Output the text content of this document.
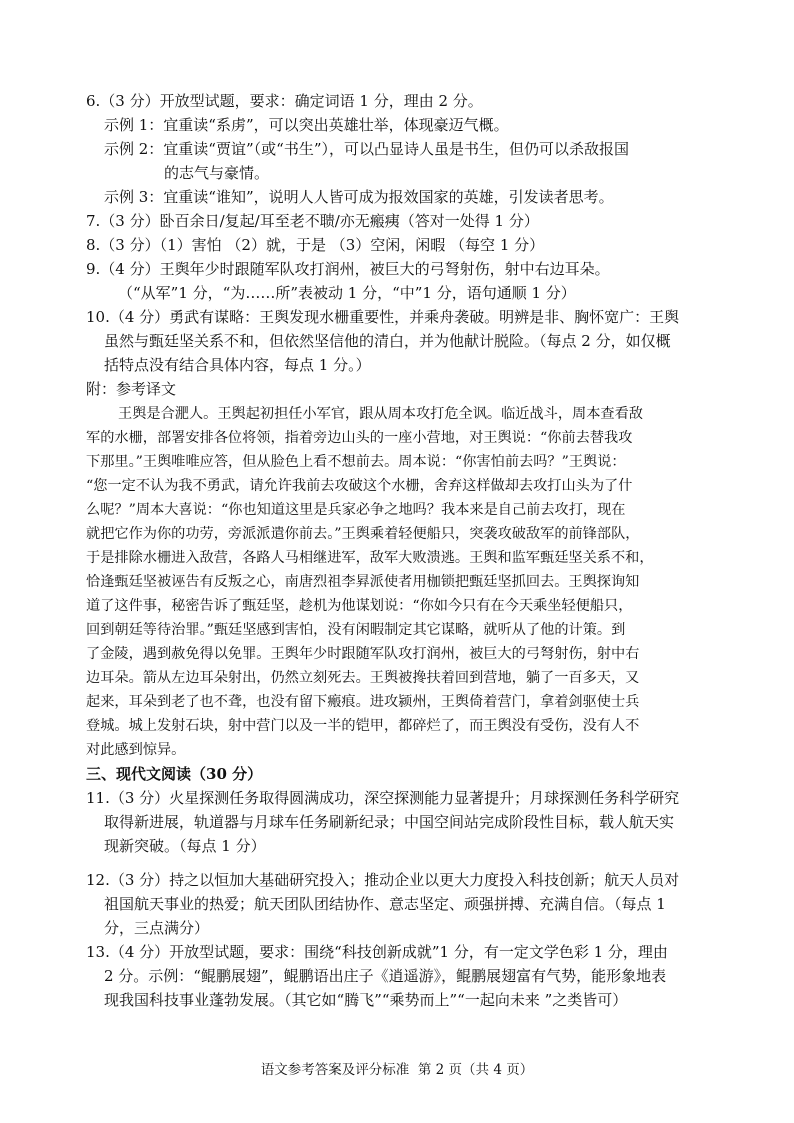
6.（3 分）开放型试题，要求：确定词语 1 分，理由 2 分。
示例 1：宜重读“系虏”，可以突出英雄壮举，体现豪迈气概。
示例 2：宜重读“贾谊”（或“书生”），可以凸显诗人虽是书生，但仍可以杀敌报国
的志气与豪情。
示例 3：宜重读“谁知”，说明人人皆可成为报效国家的英雄，引发读者思考。
7.（3 分）卧百余日/复起/耳至老不聩/亦无瘢痍（答对一处得 1 分）
8.（3 分）（1）害怕 （2）就，于是 （3）空闲，闲暇 （每空 1 分）
9.（4 分）王舆年少时跟随军队攻打润州，被巨大的弓弩射伤，射中右边耳朵。
（“从军”1 分，“为……所”表被动 1 分，“中”1 分，语句通顺 1 分）
10.（4 分）勇武有谋略：王舆发现水栅重要性，并乘舟袭破。明辨是非、胸怀宽广：王舆
虽然与甄廷坚关系不和，但依然坚信他的清白，并为他献计脱险。（每点 2 分，如仅概
括特点没有结合具体内容，每点 1 分。）
附：参考译文
王舆是合淝人。王舆起初担任小军官，跟从周本攻打危全讽。临近战斗，周本查看敌
军的水栅，部署安排各位将领，指着旁边山头的一座小营地，对王舆说：“你前去替我攻
下那里。”王舆唯唯应答，但从脸色上看不想前去。周本说：“你害怕前去吗？”王舆说：
“您一定不认为我不勇武，请允许我前去攻破这个水栅，舍弃这样做却去攻打山头为了什
么呢？”周本大喜说：“你也知道这里是兵家必争之地吗？我本来是自己前去攻打，现在
就把它作为你的功劳，旁派派遣你前去。”王舆乘着轻便船只，突袭攻破敌军的前锋部队，
于是排除水栅进入敌营，各路人马相继进军，敌军大败溃逃。王舆和监军甄廷坚关系不和，
恰逢甄廷坚被诬告有反叛之心，南唐烈祖李昪派使者用枷锁把甄廷坚抓回去。王舆探询知
道了这件事，秘密告诉了甄廷坚，趁机为他谋划说：“你如今只有在今天乘坐轻便船只，
回到朝廷等待治罪。”甄廷坚感到害怕，没有闲暇制定其它谋略，就听从了他的计策。到
了金陵，遇到赦免得以免罪。王舆年少时跟随军队攻打润州，被巨大的弓弩射伤，射中右
边耳朵。箭从左边耳朵射出，仍然立刻死去。王舆被搀扶着回到营地，躺了一百多天，又
起来，耳朵到老了也不聋，也没有留下瘢痕。进攻颍州，王舆倚着营门，拿着剑驱使士兵
登城。城上发射石块，射中营门以及一半的铠甲，都碎烂了，而王舆没有受伤，没有人不
对此感到惊异。
三、现代文阅读（30 分）
11.（3 分）火星探测任务取得圆满成功，深空探测能力显著提升；月球探测任务科学研究
取得新进展，轨道器与月球车任务刷新纪录；中国空间站完成阶段性目标，载人航天实
现新突破。（每点 1 分）
12.（3 分）持之以恒加大基础研究投入；推动企业以更大力度投入科技创新；航天人员对
祖国航天事业的热爱；航天团队团结协作、意志坚定、顽强拼搏、充满自信。（每点 1
分，三点满分）
13.（4 分）开放型试题，要求：围绕“科技创新成就”1 分，有一定文学色彩 1 分，理由
2 分。示例：“鲲鹏展翅”，鲲鹏语出庄子《逍遥游》，鲲鹏展翅富有气势，能形象地表
现我国科技事业蓬勃发展。（其它如“腾飞”“乘势而上”“一起向未来 ”之类皆可）
语文参考答案及评分标准  第 2 页（共 4 页）
